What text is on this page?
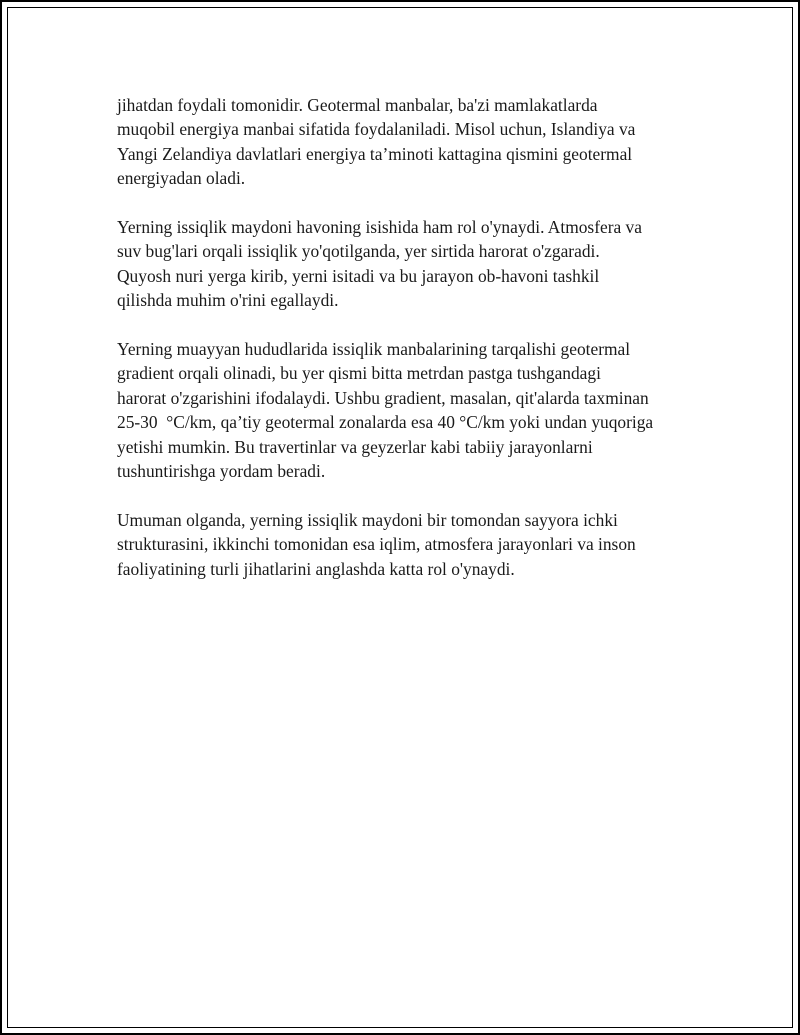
jihatdan foydali tomonidir. Geotermal manbalar, ba'zi mamlakatlarda
muqobil energiya manbai sifatida foydalaniladi. Misol uchun, Islandiya va
Yangi Zelandiya davlatlari energiya ta’minoti kattagina qismini geotermal
energiyadan oladi.

Yerning issiqlik maydoni havoning isishida ham rol o'ynaydi. Atmosfera va
suv bug'lari orqali issiqlik yo'qotilganda, yer sirtida harorat o'zgaradi.
Quyosh nuri yerga kirib, yerni isitadi va bu jarayon ob-havoni tashkil
qilishda muhim o'rini egallaydi.

Yerning muayyan hududlarida issiqlik manbalarining tarqalishi geotermal
gradient orqali olinadi, bu yer qismi bitta metrdan pastga tushgandagi
harorat o'zgarishini ifodalaydi. Ushbu gradient, masalan, qit'alarda taxminan
25-30  °C/km, qa’tiy geotermal zonalarda esa 40 °C/km yoki undan yuqoriga
yetishi mumkin. Bu travertinlar va geyzerlar kabi tabiiy jarayonlarni
tushuntirishga yordam beradi.

Umuman olganda, yerning issiqlik maydoni bir tomondan sayyora ichki
strukturasini, ikkinchi tomonidan esa iqlim, atmosfera jarayonlari va inson
faoliyatining turli jihatlarini anglashda katta rol o'ynaydi.
